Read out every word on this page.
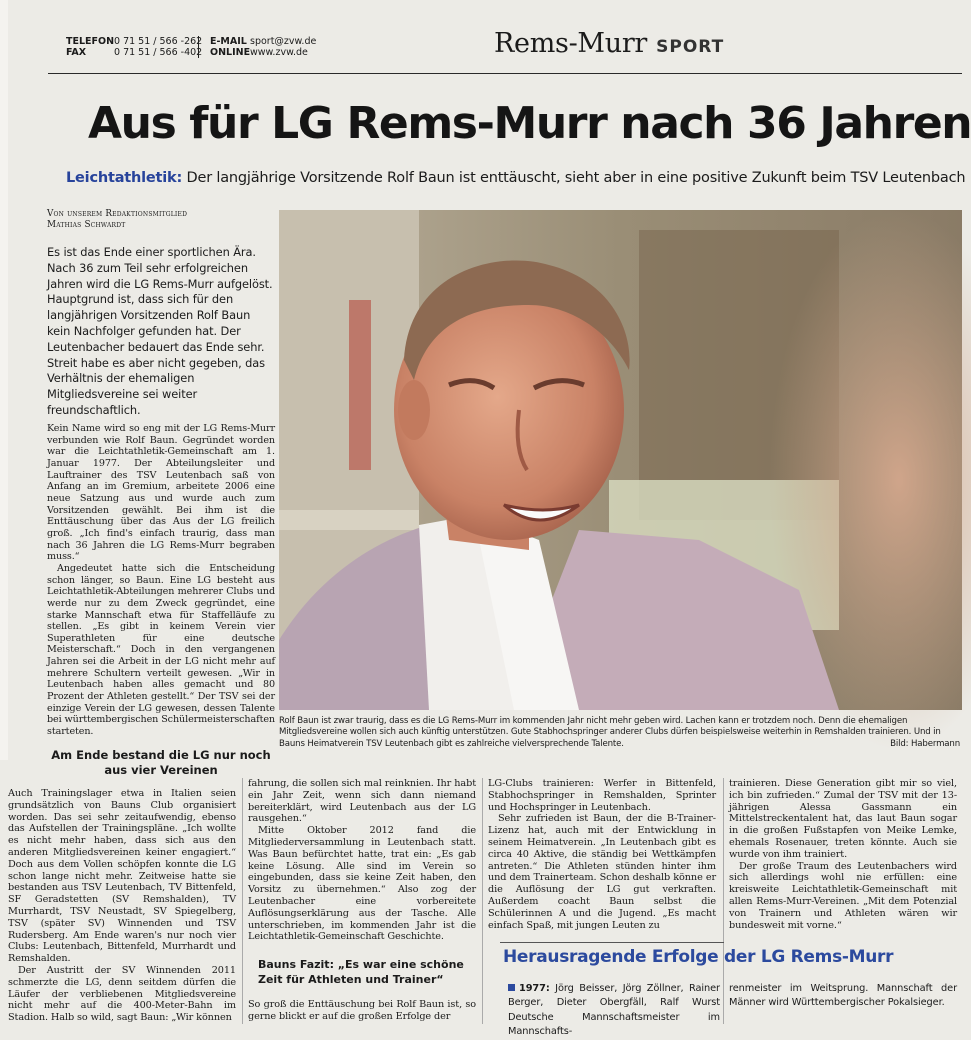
TELEFON 0 71 51 / 566 -262 E-MAIL sport@zvw.de
FAX	0 71 51 / 566 -402 ONLINE www.zvw.de	Rems-Murr SPORT
Aus für LG Rems-Murr nach 36 Jahren
Leichtathletik: Der langjährige Vorsitzende Rolf Baun ist enttäuscht, sieht aber in eine positive Zukunft beim TSV Leutenbach
Von unserem Redaktionsmitglied
Mathias Schwardt
Es ist das Ende einer sportlichen Ära. Nach 36 zum Teil sehr erfolgreichen Jahren wird die LG Rems-Murr aufgelöst. Hauptgrund ist, dass sich für den langjährigen Vorsitzenden Rolf Baun kein Nachfolger gefunden hat. Der Leutenbacher bedauert das Ende sehr. Streit habe es aber nicht gegeben, das Verhältnis der ehemaligen Mitgliedsvereine sei weiter freundschaftlich.

Kein Name wird so eng mit der LG Rems-Murr verbunden wie Rolf Baun. Gegründet worden war die Leichtathletik-Gemeinschaft am 1. Januar 1977. Der Abteilungsleiter und Lauftrainer des TSV Leutenbach saß von Anfang an im Gremium, arbeitete 2006 eine neue Satzung aus und wurde auch zum Vorsitzenden gewählt. Bei ihm ist die Enttäuschung über das Aus der LG freilich groß. „Ich find's einfach traurig, dass man nach 36 Jahren die LG Rems-Murr begraben muss.“

Angedeutet hatte sich die Entscheidung schon länger, so Baun. Eine LG besteht aus Leichtathletik-Abteilungen mehrerer Clubs und werde nur zu dem Zweck gegründet, eine starke Mannschaft etwa für Staffelläufe zu stellen. „Es gibt in keinem Verein vier Superathleten für eine deutsche Meisterschaft.“ Doch in den vergangenen Jahren sei die Arbeit in der LG nicht mehr auf mehrere Schultern verteilt gewesen. „Wir in Leutenbach haben alles gemacht und 80 Prozent der Athleten gestellt.“ Der TSV sei der einzige Verein der LG gewesen, dessen Talente bei württembergischen Schülermeisterschaften starteten.

Am Ende bestand die LG nur noch aus vier Vereinen
Rolf Baun ist zwar traurig, dass es die LG Rems-Murr im kommenden Jahr nicht mehr geben wird. Lachen kann er trotzdem noch. Denn die ehemaligen Mitgliedsvereine wollen sich auch künftig unterstützen. Gute Stabhochspringer anderer Clubs dürfen beispielsweise weiterhin in Remshalden trainieren. Und in Bauns Heimatverein TSV Leutenbach gibt es zahlreiche vielversprechende Talente.	Bild: Habermann

Auch Trainingslager etwa in Italien seien grundsätzlich von Bauns Club organisiert worden. Das sei sehr zeitaufwendig, ebenso das Aufstellen der Trainingspläne. „Ich wollte es nicht mehr haben, dass sich aus den anderen Mitgliedsvereinen keiner engagiert.“ Doch aus dem Vollen schöpfen konnte die LG schon lange nicht mehr. Zeitweise hatte sie bestanden aus TSV Leutenbach, TV Bittenfeld, SF Geradstetten (SV Remshalden), TV Murrhardt, TSV Neustadt, SV Spiegelberg, TSV (später SV) Winnenden und TSV Rudersberg. Am Ende waren's nur noch vier Clubs: Leutenbach, Bittenfeld, Murrhardt und Remshalden.

Der Austritt der SV Winnenden 2011 schmerzte die LG, denn seitdem dürfen die Läufer der verbliebenen Mitgliedsvereine nicht mehr auf die 400-Meter-Bahn im Stadion. Halb so wild, sagt Baun: „Wir können

fahrung, die sollen sich mal reinknien. Ihr habt ein Jahr Zeit, wenn sich dann niemand bereiterklärt, wird Leutenbach aus der LG rausgehen.“

Mitte Oktober 2012 fand die Mitgliederversammlung in Leutenbach statt. Was Baun befürchtet hatte, trat ein: „Es gab keine Lösung. Alle sind im Verein so eingebunden, dass sie keine Zeit haben, den Vorsitz zu übernehmen.“ Also zog der Leutenbacher eine vorbereitete Auflösungserklärung aus der Tasche. Alle unterschrieben, im kommenden Jahr ist die Leichtathletik-Gemeinschaft Geschichte.

Bauns Fazit: „Es war eine schöne Zeit für Athleten und Trainer“
So groß die Enttäuschung bei Rolf Baun ist, so gerne blickt er auf die großen Erfolge der

LG-Clubs trainieren: Werfer in Bittenfeld, Stabhochspringer in Remshalden, Sprinter und Hochspringer in Leutenbach.

Sehr zufrieden ist Baun, der die B-Trainer-Lizenz hat, auch mit der Entwicklung in seinem Heimatverein. „In Leutenbach gibt es circa 40 Aktive, die ständig bei Wettkämpfen antreten.“ Die Athleten stünden hinter ihm und dem Trainerteam. Schon deshalb könne er die Auflösung der LG gut verkraften. Außerdem coacht Baun selbst die Schülerinnen A und die Jugend. „Es macht einfach Spaß, mit jungen Leuten zu

Herausragende Erfolge der LG Rems-Murr
1977: Jörg Beisser, Jörg Zöllner, Rainer Berger, Dieter Obergfäll, Ralf Wurst Deutsche Mannschaftsmeister im Mannschafts-

trainieren. Diese Generation gibt mir so viel, ich bin zufrieden.“ Zumal der TSV mit der 13-jährigen Alessa Gassmann ein Mittelstreckentalent hat, das laut Baun sogar in die großen Fußstapfen von Meike Lemke, ehemals Rosenauer, treten könnte. Auch sie wurde von ihm trainiert.

Der große Traum des Leutenbachers wird sich allerdings wohl nie erfüllen: eine kreisweite Leichtathletik-Gemeinschaft mit allen Rems-Murr-Vereinen. „Mit dem Potenzial von Trainern und Athleten wären wir bundesweit mit vorne.“

renmeister im Weitsprung. Mannschaft der Männer wird Württembergischer Pokalsieger.
